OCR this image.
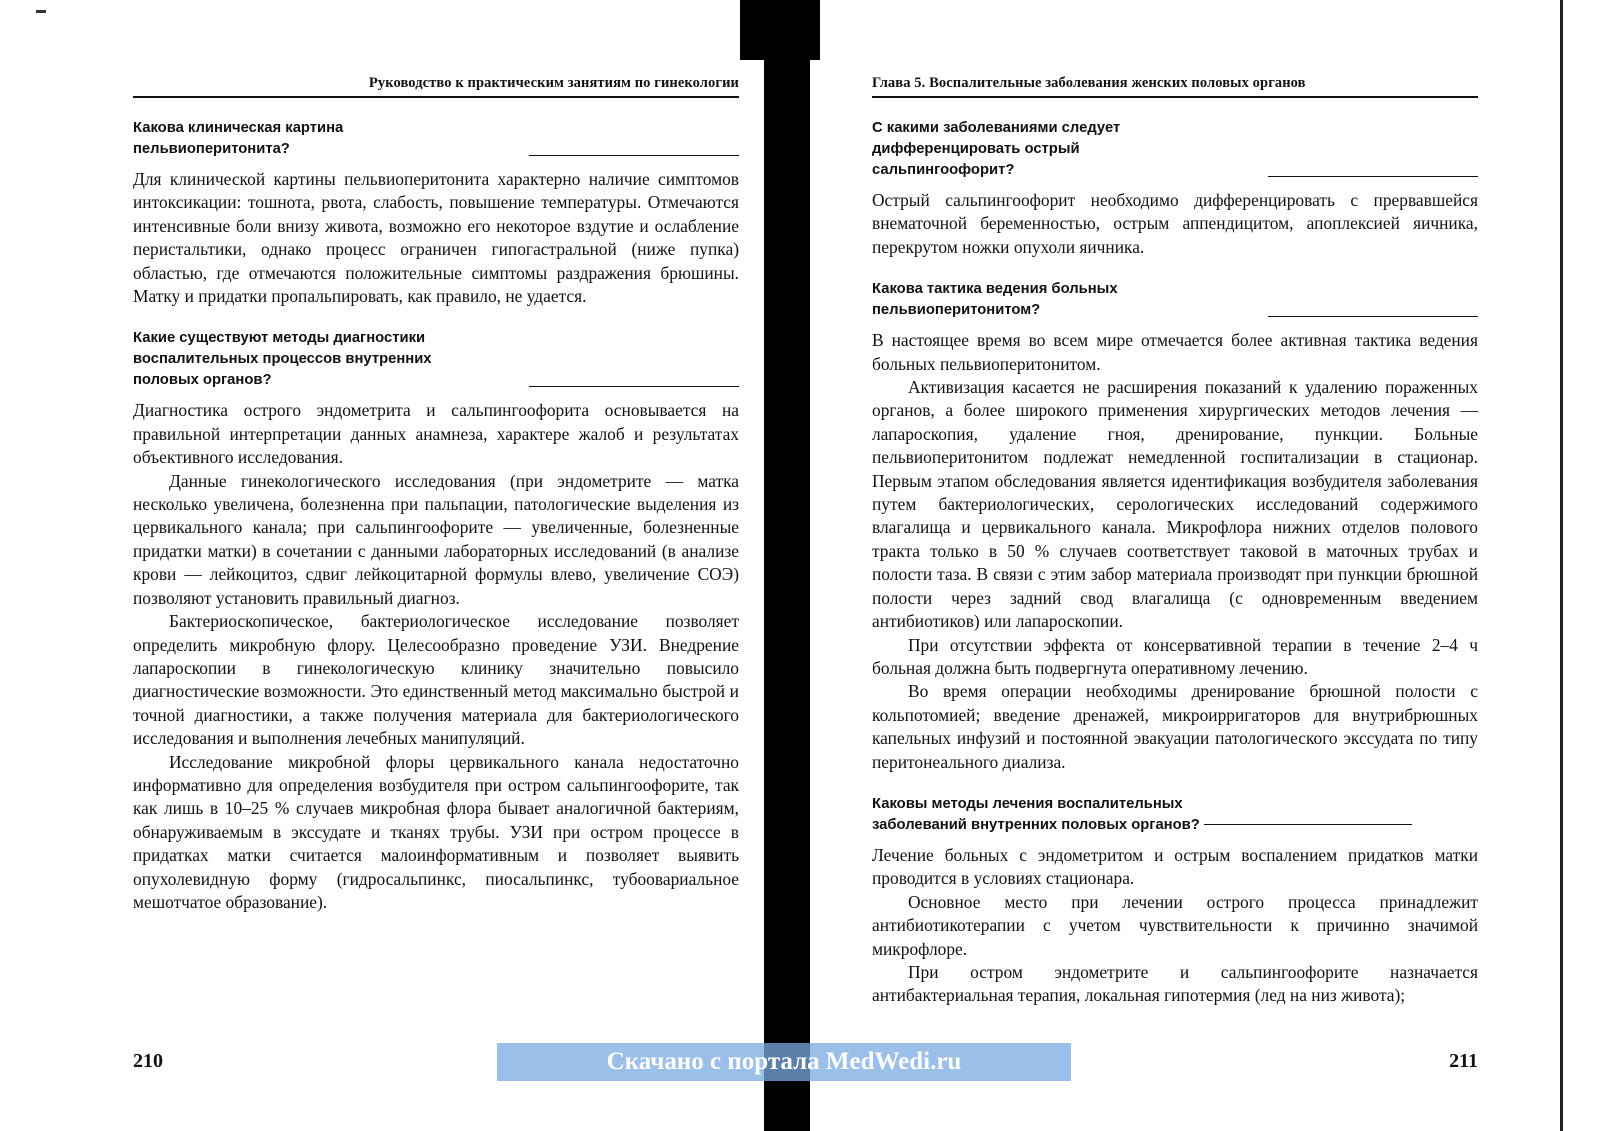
Руководство к практическим занятиям по гинекологии
Какова клиническая картина
пельвиоперитонита?

Для клинической картины пельвиоперитонита характерно наличие симптомов интоксикации: тошнота, рвота, слабость, повышение температуры. Отмечаются интенсивные боли внизу живота, возможно его некоторое вздутие и ослабление перистальтики, однако процесс ограничен гипогастральной (ниже пупка) областью, где отмечаются положительные симптомы раздражения брюшины. Матку и придатки пропальпировать, как правило, не удается.

Какие существуют методы диагностики
воспалительных процессов внутренних
половых органов?

Диагностика острого эндометрита и сальпингоофорита основывается на правильной интерпретации данных анамнеза, характере жалоб и результатах объективного исследования.

Данные гинекологического исследования (при эндометрите — матка несколько увеличена, болезненна при пальпации, патологические выделения из цервикального канала; при сальпингоофорите — увеличенные, болезненные придатки матки) в сочетании с данными лабораторных исследований (в анализе крови — лейкоцитоз, сдвиг лейкоцитарной формулы влево, увеличение СОЭ) позволяют установить правильный диагноз.

Бактериоскопическое, бактериологическое исследование позволяет определить микробную флору. Целесообразно проведение УЗИ. Внедрение лапароскопии в гинекологическую клинику значительно повысило диагностические возможности. Это единственный метод максимально быстрой и точной диагностики, а также получения материала для бактериологического исследования и выполнения лечебных манипуляций.

Исследование микробной флоры цервикального канала недостаточно информативно для определения возбудителя при остром сальпингоофорите, так как лишь в 10–25 % случаев микробная флора бывает аналогичной бактериям, обнаруживаемым в экссудате и тканях трубы. УЗИ при остром процессе в придатках матки считается малоинформативным и позволяет выявить опухолевидную форму (гидросальпинкс, пиосальпинкс, тубоовариальное мешотчатое образование).

210
Глава 5. Воспалительные заболевания женских половых органов
С какими заболеваниями следует
дифференцировать острый
сальпингоофорит?

Острый сальпингоофорит необходимо дифференцировать с прервавшейся внематочной беременностью, острым аппендицитом, апоплексией яичника, перекрутом ножки опухоли яичника.

Какова тактика ведения больных
пельвиоперитонитом?

В настоящее время во всем мире отмечается более активная тактика ведения больных пельвиоперитонитом.

Активизация касается не расширения показаний к удалению пораженных органов, а более широкого применения хирургических методов лечения — лапароскопия, удаление гноя, дренирование, пункции. Больные пельвиоперитонитом подлежат немедленной госпитализации в стационар. Первым этапом обследования является идентификация возбудителя заболевания путем бактериологических, серологических исследований содержимого влагалища и цервикального канала. Микрофлора нижних отделов полового тракта только в 50 % случаев соответствует таковой в маточных трубах и полости таза. В связи с этим забор материала производят при пункции брюшной полости через задний свод влагалища (с одновременным введением антибиотиков) или лапароскопии.

При отсутствии эффекта от консервативной терапии в течение 2–4 ч больная должна быть подвергнута оперативному лечению.

Во время операции необходимы дренирование брюшной полости с кольпотомией; введение дренажей, микроирригаторов для внутрибрюшных капельных инфузий и постоянной эвакуации патологического экссудата по типу перитонеального диализа.

Каковы методы лечения воспалительных
заболеваний внутренних половых органов?

Лечение больных с эндометритом и острым воспалением придатков матки проводится в условиях стационара.

Основное место при лечении острого процесса принадлежит антибиотикотерапии с учетом чувствительности к причинно значимой микрофлоре.

При остром эндометрите и сальпингоофорите назначается антибактериальная терапия, локальная гипотермия (лед на низ живота);

211
Скачано с портала MedWedi.ru
